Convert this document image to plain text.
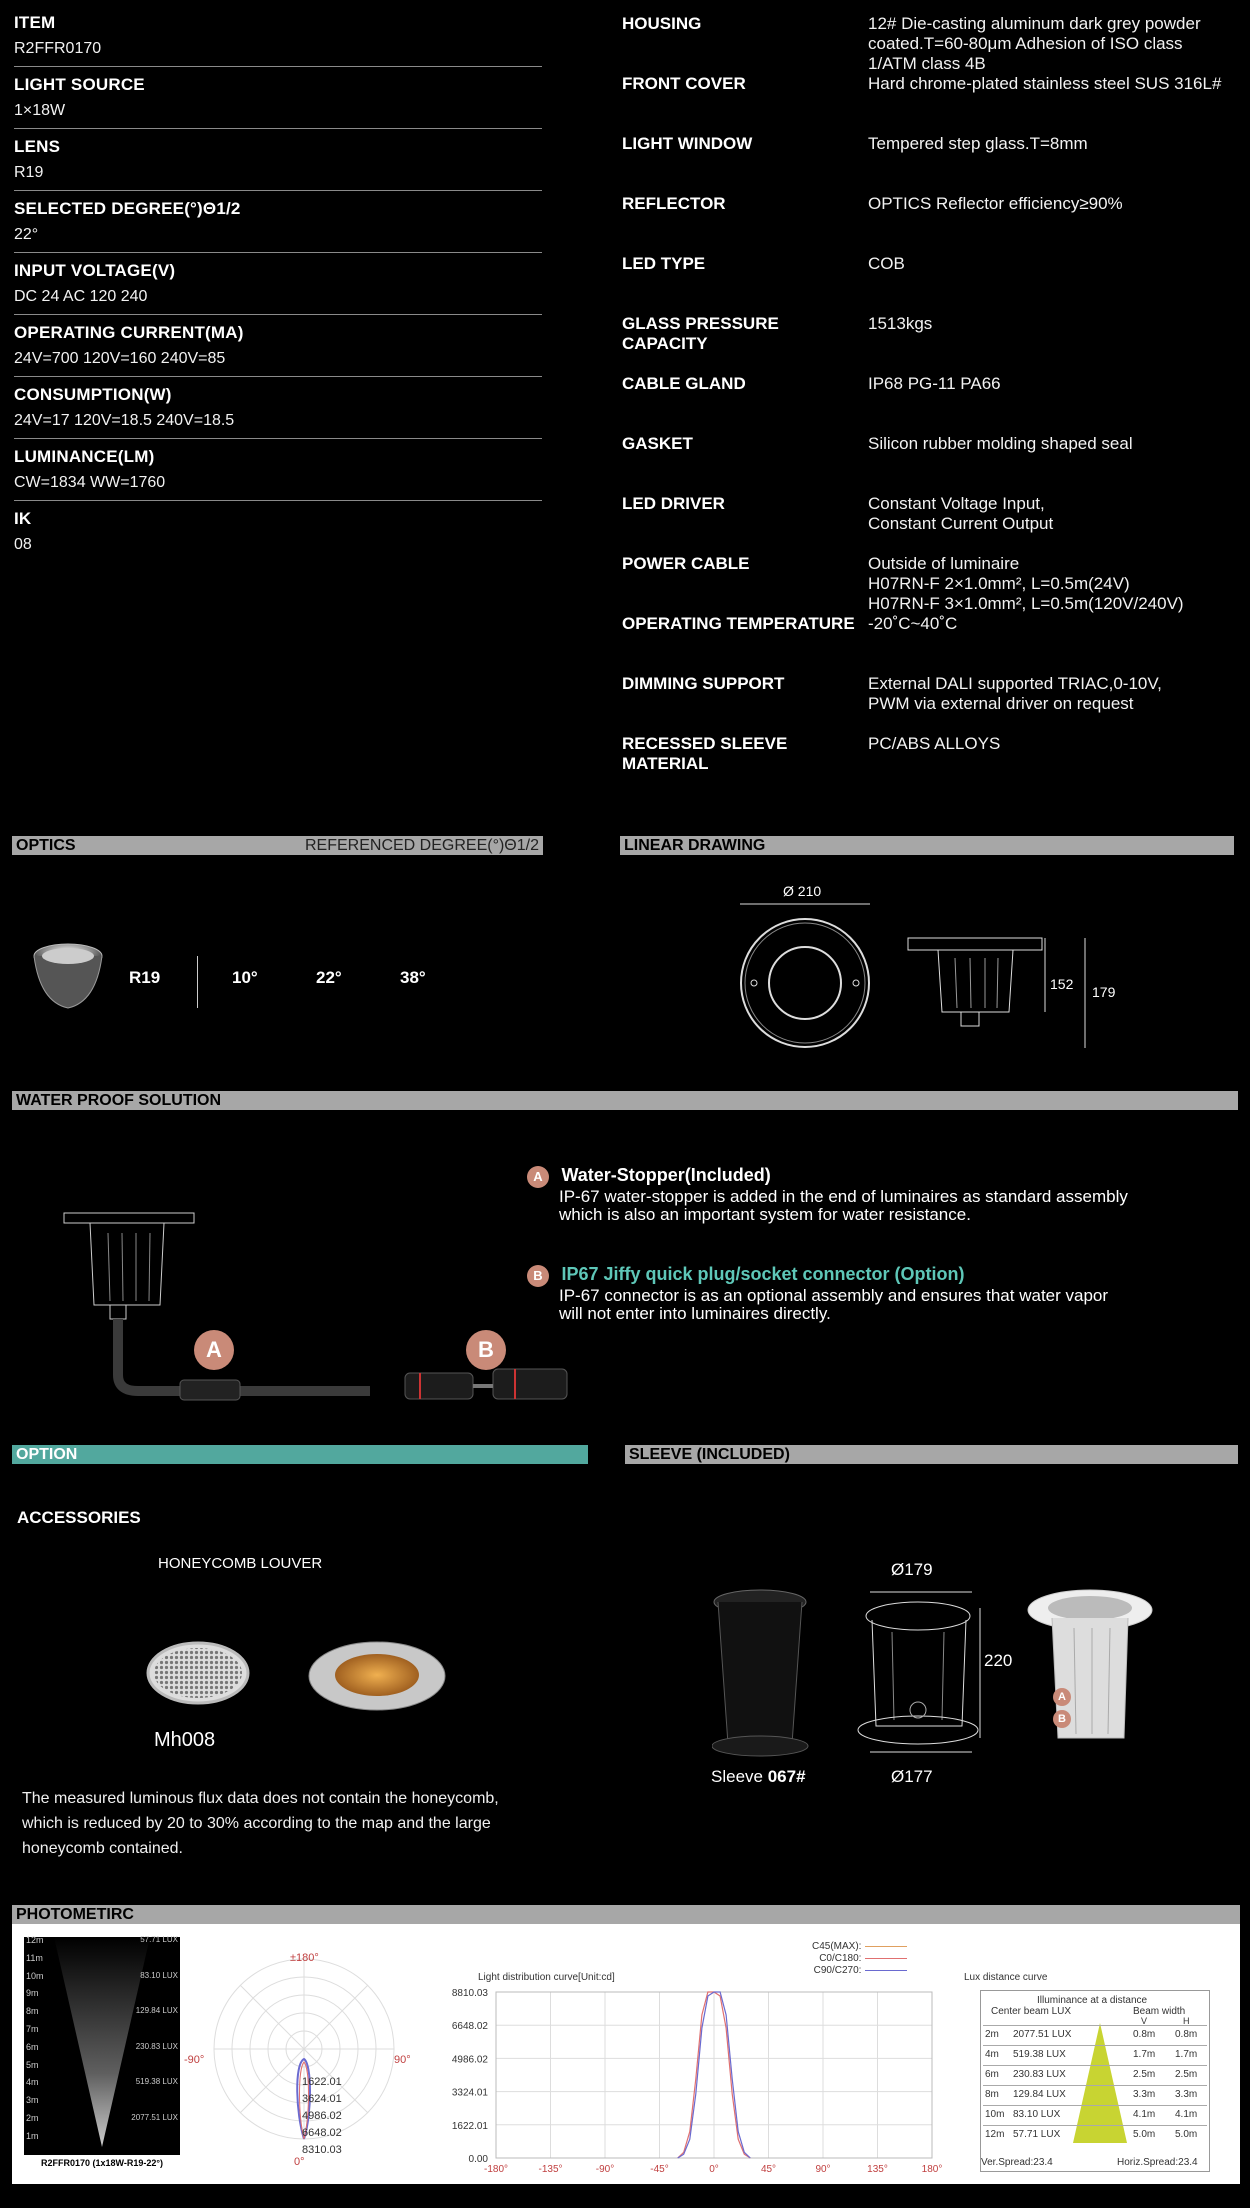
ITEM
R2FFR0170
LIGHT SOURCE
1×18W
LENS
R19
SELECTED DEGREE(°)Θ1/2
22°
INPUT VOLTAGE(V)
DC 24 AC 120 240
OPERATING CURRENT(MA)
24V=700 120V=160 240V=85
CONSUMPTION(W)
24V=17 120V=18.5 240V=18.5
LUMINANCE(LM)
CW=1834 WW=1760
IK
08
HOUSING	12# Die-casting aluminum dark grey powder
coated.T=60-80μm Adhesion of ISO class
1/ATM class 4B
FRONT COVER	Hard chrome-plated stainless steel SUS 316L#
LIGHT WINDOW	Tempered step glass.T=8mm
REFLECTOR	OPTICS Reflector efficiency≥90%
LED TYPE	COB
GLASS PRESSURE CAPACITY
1513kgs
CABLE GLAND	IP68 PG-11 PA66
GASKET	Silicon rubber molding shaped seal
LED DRIVER	Constant Voltage Input,
Constant Current Output
POWER CABLE	Outside of luminaire
H07RN-F 2×1.0mm², L=0.5m(24V)
H07RN-F 3×1.0mm², L=0.5m(120V/240V)
OPERATING TEMPERATURE -20˚C~40˚C
DIMMING SUPPORT	External DALI supported TRIAC,0-10V,
PWM via external driver on request
RECESSED SLEEVE MATERIAL
PC/ABS ALLOYS
OPTICS	REFERENCED DEGREE(°)Θ1/2
R19	10°	22°	38°
LINEAR DRAWING
Ø 210
152 179
WATER PROOF SOLUTION
A	B
A Water-Stopper(Included)
IP-67 water-stopper is added in the end of luminaires as standard assembly
which is also an important system for water resistance.
B IP67 Jiffy quick plug/socket connector (Option)
IP-67 connector is as an optional assembly and ensures that water vapor
will not enter into luminaires directly.
OPTION
ACCESSORIES
HONEYCOMB LOUVER
Mh008
The measured luminous flux data does not contain the honeycomb,
which is reduced by 20 to 30% according to the map and the large
honeycomb contained.
SLEEVE (INCLUDED)
Ø179
220
Ø177
A
B
Sleeve 067#
PHOTOMETIRC
R2FFR0170 (1x18W-R19-22°)
12m
11m
10m
9m
8m
7m
6m
5m
4m
3m
2m
1m
57.71 LUX
83.10 LUX
129.84 LUX
230.83 LUX
519.38 LUX
2077.51 LUX
±180°
-90°	90°
0°
1622.01
3624.01
4986.02
6648.02
8310.03
Light distribution curve[Unit:cd]
C45(MAX):
C0/C180:
C90/C270:
-180°	-135°	-90°	-45°	0°	45°	90°	135°	180°
0.00
1622.01
3324.01
4986.02
6648.02
8810.03
Lux distance curve
Illuminance at a distance
Center beam LUX	Beam width
V	H
2m 2077.51 LUX	0.8m 0.8m
4m 519.38 LUX	1.7m 1.7m
6m 230.83 LUX	2.5m 2.5m
8m 129.84 LUX	3.3m 3.3m
10m 83.10 LUX	4.1m 4.1m
12m 57.71 LUX	5.0m 5.0m
Ver.Spread:23.4	Horiz.Spread:23.4
